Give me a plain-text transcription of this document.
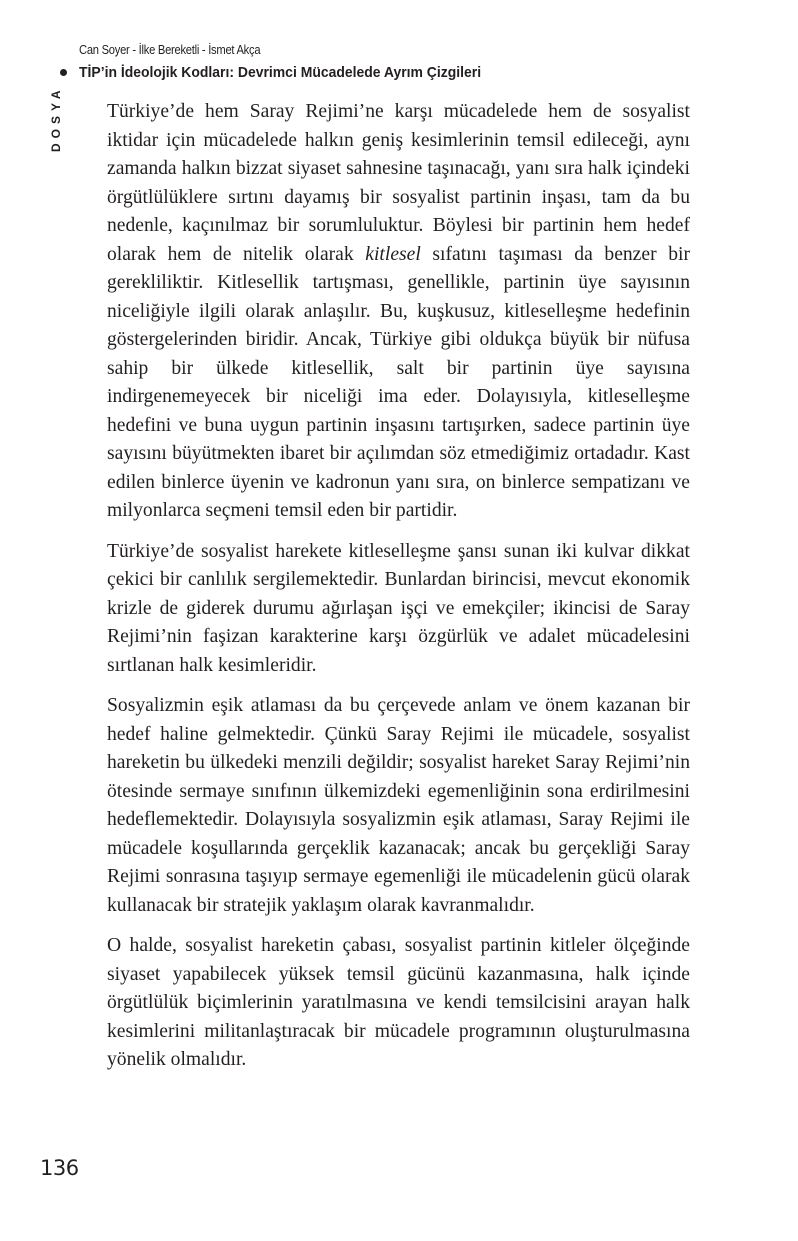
Can Soyer - İlke Bereketli - İsmet Akça
TİP’in İdeolojik Kodları: Devrimci Mücadelede Ayrım Çizgileri
DOSYA Türkiye’de hem Saray Rejimi’ne karşı mücadelede hem de sosyalist iktidar için mücadelede halkın geniş kesimlerinin temsil edileceği, aynı zamanda halkın bizzat siyaset sahnesine taşınacağı, yanı sıra halk içindeki örgütlülüklere sırtını dayamış bir sosyalist partinin inşası, tam da bu nedenle, kaçınılmaz bir sorumluluktur. Böylesi bir partinin hem hedef olarak hem de nitelik olarak kitlesel sıfatını taşıması da benzer bir gerekliliktir. Kitlesellik tartışması, genellikle, partinin üye sayısının niceliğiyle ilgili olarak anlaşılır. Bu, kuşkusuz, kitleselleşme hedefinin göstergelerinden biridir. Ancak, Türkiye gibi oldukça büyük bir nüfusa sahip bir ülkede kitlesellik, salt bir partinin üye sayısına indirgenemeyecek bir niceliği ima eder. Dolayısıyla, kitleselleşme hedefini ve buna uygun partinin inşasını tartışırken, sadece partinin üye sayısını büyütmekten ibaret bir açılımdan söz etmediğimiz ortadadır. Kast edilen binlerce üyenin ve kadronun yanı sıra, on binlerce sempatizanı ve milyonlarca seçmeni temsil eden bir partidir.

Türkiye’de sosyalist harekete kitleselleşme şansı sunan iki kulvar dikkat çekici bir canlılık sergilemektedir. Bunlardan birincisi, mevcut ekonomik krizle de giderek durumu ağırlaşan işçi ve emekçiler; ikincisi de Saray Rejimi’nin faşizan karakterine karşı özgürlük ve adalet mücadelesini sırtlanan halk kesimleridir.

Sosyalizmin eşik atlaması da bu çerçevede anlam ve önem kazanan bir hedef haline gelmektedir. Çünkü Saray Rejimi ile mücadele, sosyalist hareketin bu ülkedeki menzili değildir; sosyalist hareket Saray Rejimi’nin ötesinde sermaye sınıfının ülkemizdeki egemenliğinin sona erdirilmesini hedeflemektedir. Dolayısıyla sosyalizmin eşik atlaması, Saray Rejimi ile mücadele koşullarında gerçeklik kazanacak; ancak bu gerçekliği Saray Rejimi sonrasına taşıyıp sermaye egemenliği ile mücadelenin gücü olarak kullanacak bir stratejik yaklaşım olarak kavranmalıdır.

O halde, sosyalist hareketin çabası, sosyalist partinin kitleler ölçeğinde siyaset yapabilecek yüksek temsil gücünü kazanmasına, halk içinde örgütlülük biçimlerinin yaratılmasına ve kendi temsilcisini arayan halk kesimlerini militanlaştıracak bir mücadele programının oluşturulmasına yönelik olmalıdır.

136
